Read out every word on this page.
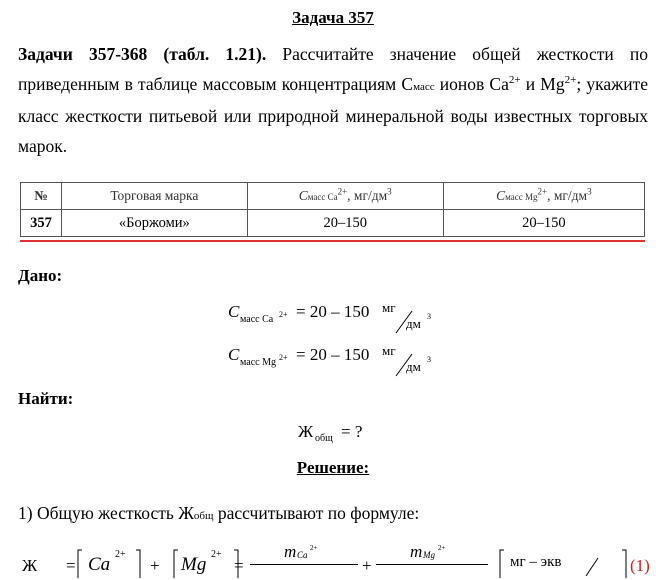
Задача 357
Задачи 357-368 (табл. 1.21). Рассчитайте значение общей жесткости по приведенным в таблице массовым концентрациям Смасс ионов $Ca^{2+}$ и $Mg^{2+}$; укажите класс жесткости питьевой или природной минеральной воды известных торговых марок.
№	Торговая марка	Cмасс $Ca^{2+}$, $мг/дм^3$	Cмасс $Mg^{2+}$, $мг/дм^3$
357	«Боржоми»	20–150	20–150
Дано:
C масс Ca 2+ = 20 – 150 мг
дм 3
C масс Mg 2+ = 20 – 150 мг
дм 3
Найти:
Ж общ = ?
Решение:
1) Общую жесткость Жобщ рассчитывают по формуле:
Ж = Ca 2+
+ Mg 2+
=
m Ca
2+
+
m Mg
2+
мг – экв	(1)
